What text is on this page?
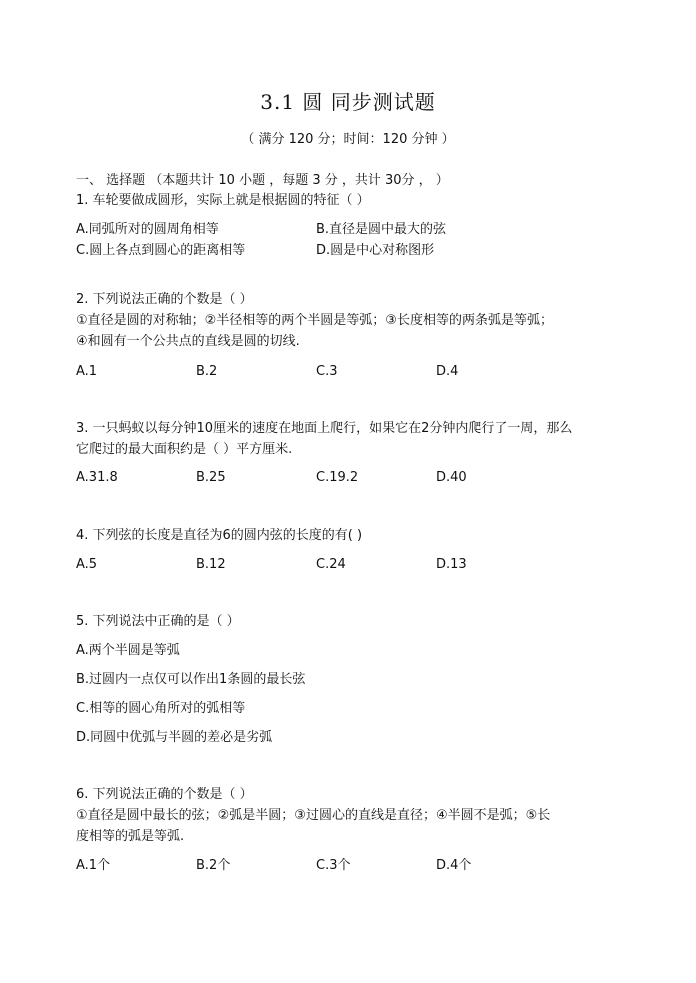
3.1 圆 同步测试题
（ 满分 120 分；时间：120 分钟 ）
一、 选择题 （本题共计 10 小题 ，每题 3 分 ，共计 30分 ， ）
1. 车轮要做成圆形，实际上就是根据圆的特征（ ）
A.同弧所对的圆周角相等	B.直径是圆中最大的弦
C.圆上各点到圆心的距离相等	D.圆是中心对称图形
2. 下列说法正确的个数是（ ）
①直径是圆的对称轴；②半径相等的两个半圆是等弧；③长度相等的两条弧是等弧；
④和圆有一个公共点的直线是圆的切线.
A.1	B.2	C.3	D.4
3. 一只蚂蚁以每分钟10厘米的速度在地面上爬行，如果它在2分钟内爬行了一周，那么
它爬过的最大面积约是（ ）平方厘米.
A.31.8	B.25	C.19.2	D.40
4. 下列弦的长度是直径为6的圆内弦的长度的有( )
A.5	B.12	C.24	D.13
5. 下列说法中正确的是（ ）
A.两个半圆是等弧
B.过圆内一点仅可以作出1条圆的最长弦
C.相等的圆心角所对的弧相等
D.同圆中优弧与半圆的差必是劣弧
6. 下列说法正确的个数是（ ）
①直径是圆中最长的弦；②弧是半圆；③过圆心的直线是直径；④半圆不是弧；⑤长
度相等的弧是等弧.
A.1个	B.2个	C.3个	D.4个
